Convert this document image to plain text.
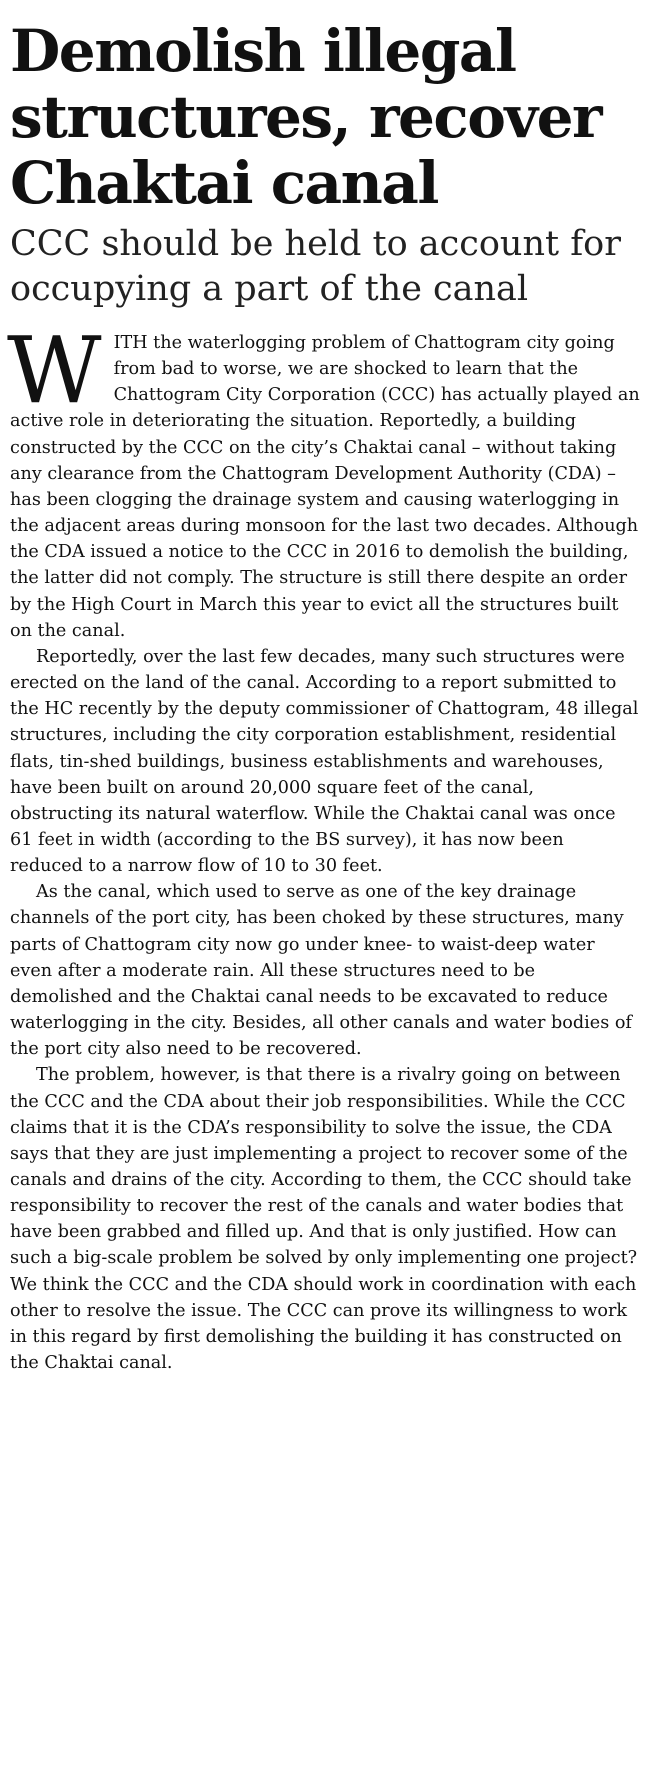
Demolish illegal structures, recover Chaktai canal
CCC should be held to account for occupying a part of the canal

WITH the waterlogging problem of Chattogram city going from bad to worse, we are shocked to learn that the Chattogram City Corporation (CCC) has actually played an active role in deteriorating the situation. Reportedly, a building constructed by the CCC on the city’s Chaktai canal – without taking any clearance from the Chattogram Development Authority (CDA) – has been clogging the drainage system and causing waterlogging in the adjacent areas during monsoon for the last two decades. Although the CDA issued a notice to the CCC in 2016 to demolish the building, the latter did not comply. The structure is still there despite an order by the High Court in March this year to evict all the structures built on the canal.

Reportedly, over the last few decades, many such structures were erected on the land of the canal. According to a report submitted to the HC recently by the deputy commissioner of Chattogram, 48 illegal structures, including the city corporation establishment, residential flats, tin-shed buildings, business establishments and warehouses, have been built on around 20,000 square feet of the canal, obstructing its natural waterflow. While the Chaktai canal was once 61 feet in width (according to the BS survey), it has now been reduced to a narrow flow of 10 to 30 feet.

As the canal, which used to serve as one of the key drainage channels of the port city, has been choked by these structures, many parts of Chattogram city now go under knee- to waist-deep water even after a moderate rain. All these structures need to be demolished and the Chaktai canal needs to be excavated to reduce waterlogging in the city. Besides, all other canals and water bodies of the port city also need to be recovered.

The problem, however, is that there is a rivalry going on between the CCC and the CDA about their job responsibilities. While the CCC claims that it is the CDA’s responsibility to solve the issue, the CDA says that they are just implementing a project to recover some of the canals and drains of the city. According to them, the CCC should take responsibility to recover the rest of the canals and water bodies that have been grabbed and filled up. And that is only justified. How can such a big-scale problem be solved by only implementing one project? We think the CCC and the CDA should work in coordination with each other to resolve the issue. The CCC can prove its willingness to work in this regard by first demolishing the building it has constructed on the Chaktai canal.
